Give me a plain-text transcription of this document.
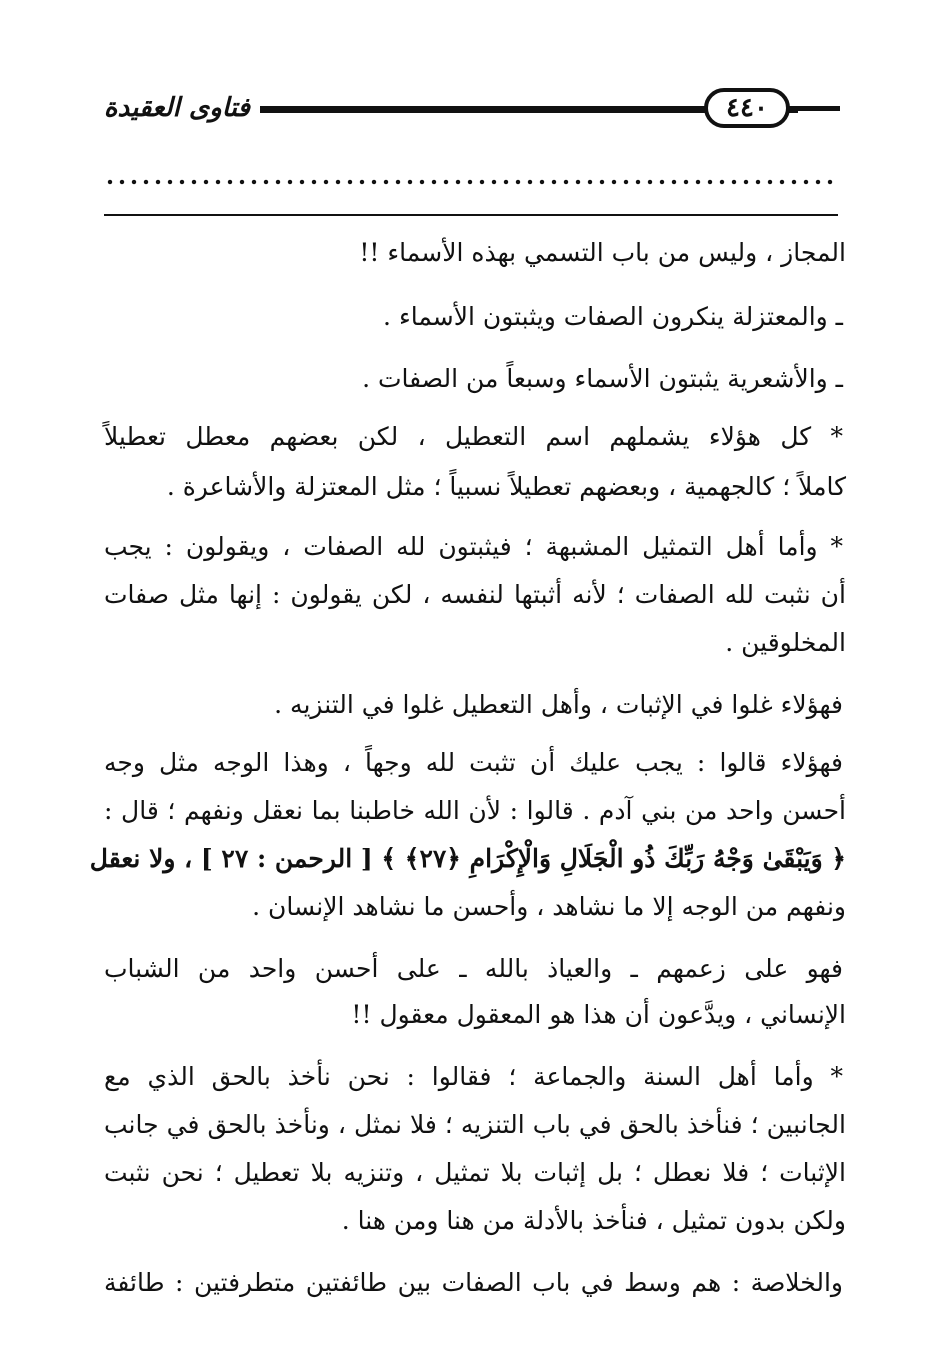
فتاوى العقيدة	٤٤٠
المجاز ، وليس من باب التسمي بهذه الأسماء !!
ـ والمعتزلة ينكرون الصفات ويثبتون الأسماء .
ـ والأشعرية يثبتون الأسماء وسبعاً من الصفات .
* كل هؤلاء يشملهم اسم التعطيل ، لكن بعضهم معطل تعطيلاً
كاملاً ؛ كالجهمية ، وبعضهم تعطيلاً نسبياً ؛ مثل المعتزلة والأشاعرة .
* وأما أهل التمثيل المشبهة ؛ فيثبتون لله الصفات ، ويقولون : يجب
أن نثبت لله الصفات ؛ لأنه أثبتها لنفسه ، لكن يقولون : إنها مثل صفات
المخلوقين .
فهؤلاء غلوا في الإثبات ، وأهل التعطيل غلوا في التنزيه .
فهؤلاء قالوا : يجب عليك أن تثبت لله وجهاً ، وهذا الوجه مثل وجه
أحسن واحد من بني آدم . قالوا : لأن الله خاطبنا بما نعقل ونفهم ؛ قال :
﴿ وَيَبْقَىٰ وَجْهُ رَبِّكَ ذُو الْجَلَالِ وَالْإِكْرَامِ ﴿٢٧﴾ ﴾ [ الرحمن : ٢٧ ] ، ولا نعقل
ونفهم من الوجه إلا ما نشاهد ، وأحسن ما نشاهد الإنسان .
فهو على زعمهم ـ والعياذ بالله ـ على أحسن واحد من الشباب
الإنساني ، ويدَّعون أن هذا هو المعقول معقول !!
* وأما أهل السنة والجماعة ؛ فقالوا : نحن نأخذ بالحق الذي مع
الجانبين ؛ فنأخذ بالحق في باب التنزيه ؛ فلا نمثل ، ونأخذ بالحق في جانب
الإثبات ؛ فلا نعطل ؛ بل إثبات بلا تمثيل ، وتنزيه بلا تعطيل ؛ نحن نثبت
ولكن بدون تمثيل ، فنأخذ بالأدلة من هنا ومن هنا .
والخلاصة : هم وسط في باب الصفات بين طائفتين متطرفتين : طائفة
